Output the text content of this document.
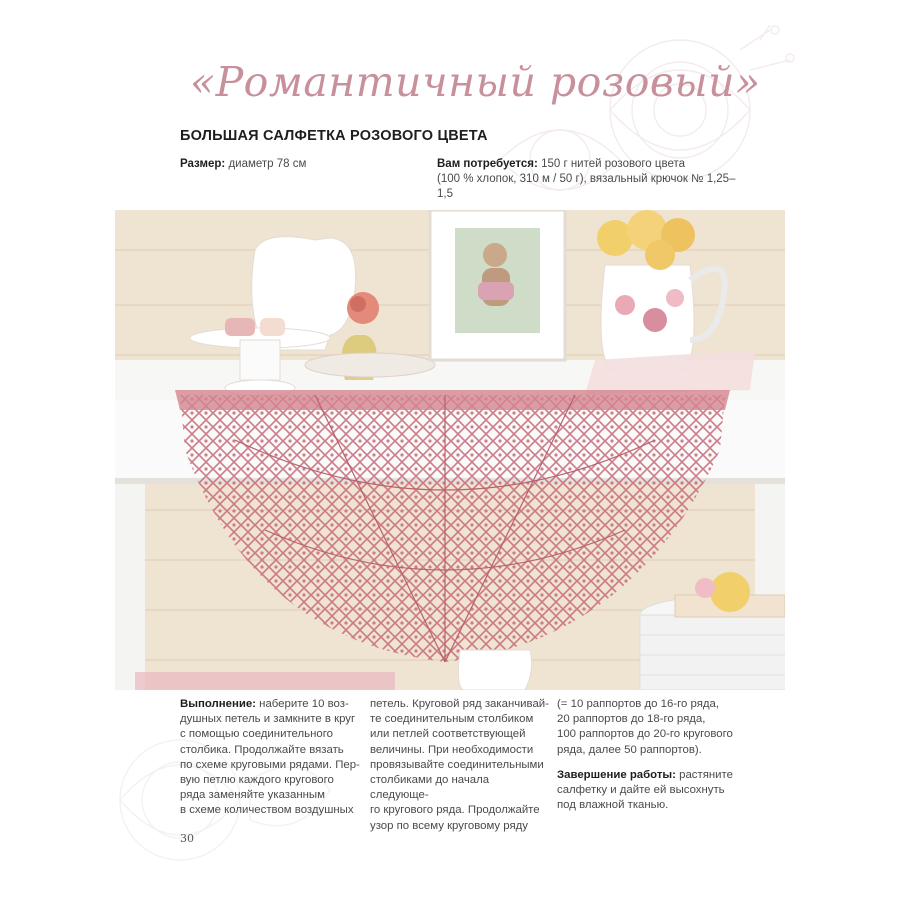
«Романтичный розовый»
БОЛЬШАЯ САЛФЕТКА РОЗОВОГО ЦВЕТА
Размер: диаметр 78 см	Вам потребуется: 150 г нитей розового цвета
(100 % хлопок, 310 м / 50 г), вязальный крючок № 1,25–1,5
Выполнение: наберите 10 воз-
душных петель и замкните в круг
с помощью соединительного
столбика. Продолжайте вязать
по схеме круговыми рядами. Пер-
вую петлю каждого кругового
ряда заменяйте указанным
в схеме количеством воздушных
петель. Круговой ряд заканчивай-
те соединительным столбиком
или петлей соответствующей
величины. При необходимости
провязывайте соединительными
столбиками до начала следующе-
го кругового ряда. Продолжайте
узор по всему круговому ряду

(= 10 раппортов до 16-го ряда,
20 раппортов до 18-го ряда,
100 раппортов до 20-го кругового
ряда, далее 50 раппортов).

Завершение работы: растяните
салфетку и дайте ей высохнуть
под влажной тканью.

30
